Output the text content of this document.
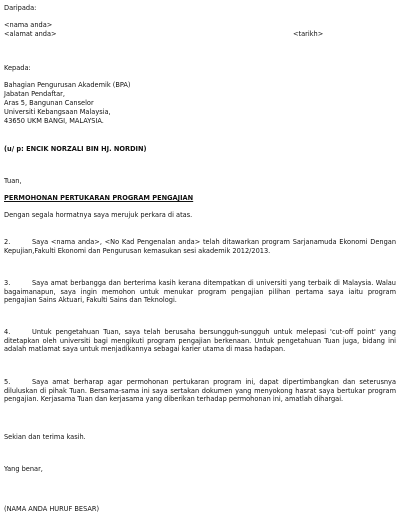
Daripada:
<nama anda>
<alamat anda>	<tarikh>
Kepada:
Bahagian Pengurusan Akademik (BPA)
Jabatan Pendaftar,
Aras 5, Bangunan Canselor
Universiti Kebangsaan Malaysia,
43650 UKM BANGI, MALAYSIA.
(u/ p: ENCIK NORZALI BIN HJ. NORDIN)
Tuan,
PERMOHONAN PERTUKARAN PROGRAM PENGAJIAN
Dengan segala hormatnya saya merujuk perkara di atas.
2.	Saya <nama anda>, <No Kad Pengenalan anda> telah ditawarkan program Sarjanamuda Ekonomi Dengan Kepujian,Fakulti Ekonomi dan Pengurusan kemasukan sesi akademik 2012/2013.
3.	Saya amat berbangga dan berterima kasih kerana ditempatkan di universiti yang terbaik di Malaysia. Walau bagaimanapun, saya ingin memohon untuk menukar program pengajian pilihan pertama saya iaitu program pengajian Sains Aktuari, Fakulti Sains dan Teknologi.
4.	Untuk pengetahuan Tuan, saya telah berusaha bersungguh-sungguh untuk melepasi 'cut-off point' yang ditetapkan oleh universiti bagi mengikuti program pengajian berkenaan. Untuk pengetahuan Tuan juga, bidang ini adalah matlamat saya untuk menjadikannya sebagai karier utama di masa hadapan.
5.	Saya amat berharap agar permohonan pertukaran program ini, dapat dipertimbangkan dan seterusnya diluluskan di pihak Tuan. Bersama-sama ini saya sertakan dokumen yang menyokong hasrat saya bertukar program pengajian. Kerjasama Tuan dan kerjasama yang diberikan terhadap permohonan ini, amatlah dihargai.
Sekian dan terima kasih.
Yang benar,
(NAMA ANDA HURUF BESAR)
